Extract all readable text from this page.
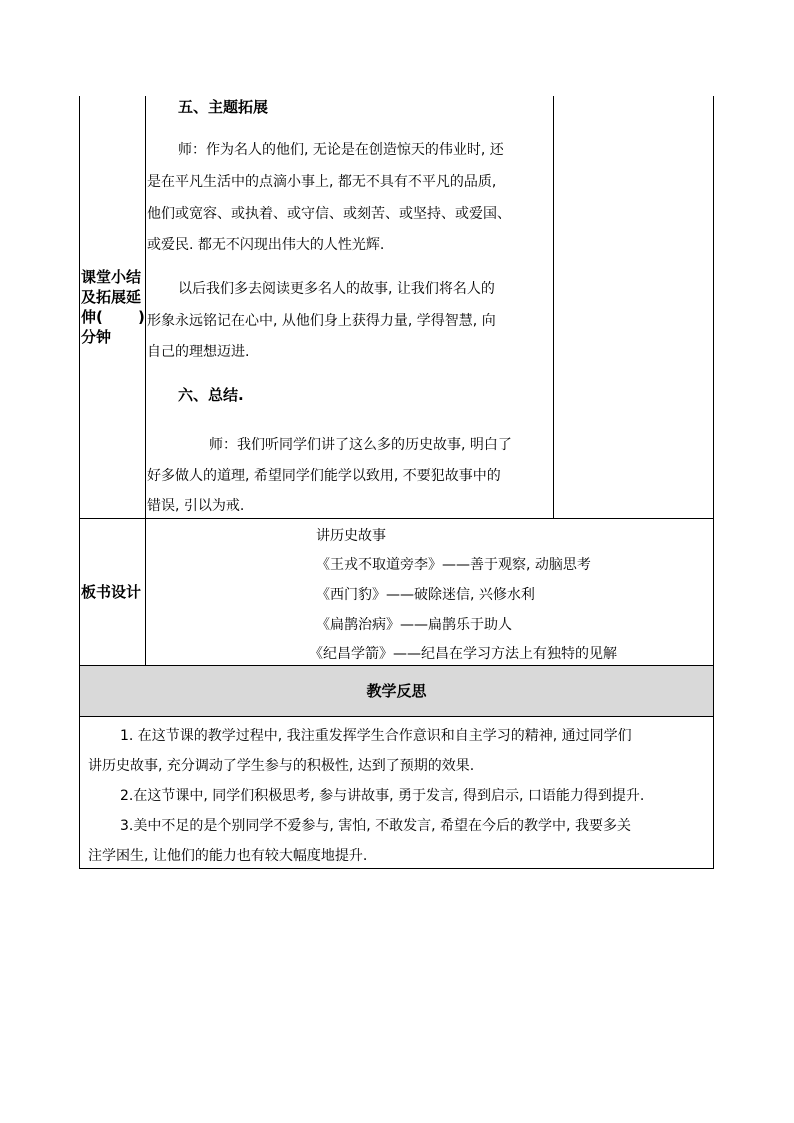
课堂小结
及拓展延
伸( )
分钟
五、主题拓展
师：作为名人的他们, 无论是在创造惊天的伟业时, 还
是在平凡生活中的点滴小事上, 都无不具有不平凡的品质,
他们或宽容、或执着、或守信、或刻苦、或坚持、或爱国、
或爱民. 都无不闪现出伟大的人性光辉.
以后我们多去阅读更多名人的故事, 让我们将名人的
形象永远铭记在心中, 从他们身上获得力量, 学得智慧, 向
自己的理想迈进.
六、总结.
师：我们听同学们讲了这么多的历史故事, 明白了
好多做人的道理, 希望同学们能学以致用, 不要犯故事中的
错误, 引以为戒.
板书设计
讲历史故事
《王戎不取道旁李》——善于观察, 动脑思考
《西门豹》——破除迷信, 兴修水利
《扁鹊治病》——扁鹊乐于助人
《纪昌学箭》——纪昌在学习方法上有独特的见解
教学反思
1. 在这节课的教学过程中, 我注重发挥学生合作意识和自主学习的精神, 通过同学们
讲历史故事, 充分调动了学生参与的积极性, 达到了预期的效果.
2.在这节课中, 同学们积极思考, 参与讲故事, 勇于发言, 得到启示, 口语能力得到提升.
3.美中不足的是个别同学不爱参与, 害怕, 不敢发言, 希望在今后的教学中, 我要多关
注学困生, 让他们的能力也有较大幅度地提升.
